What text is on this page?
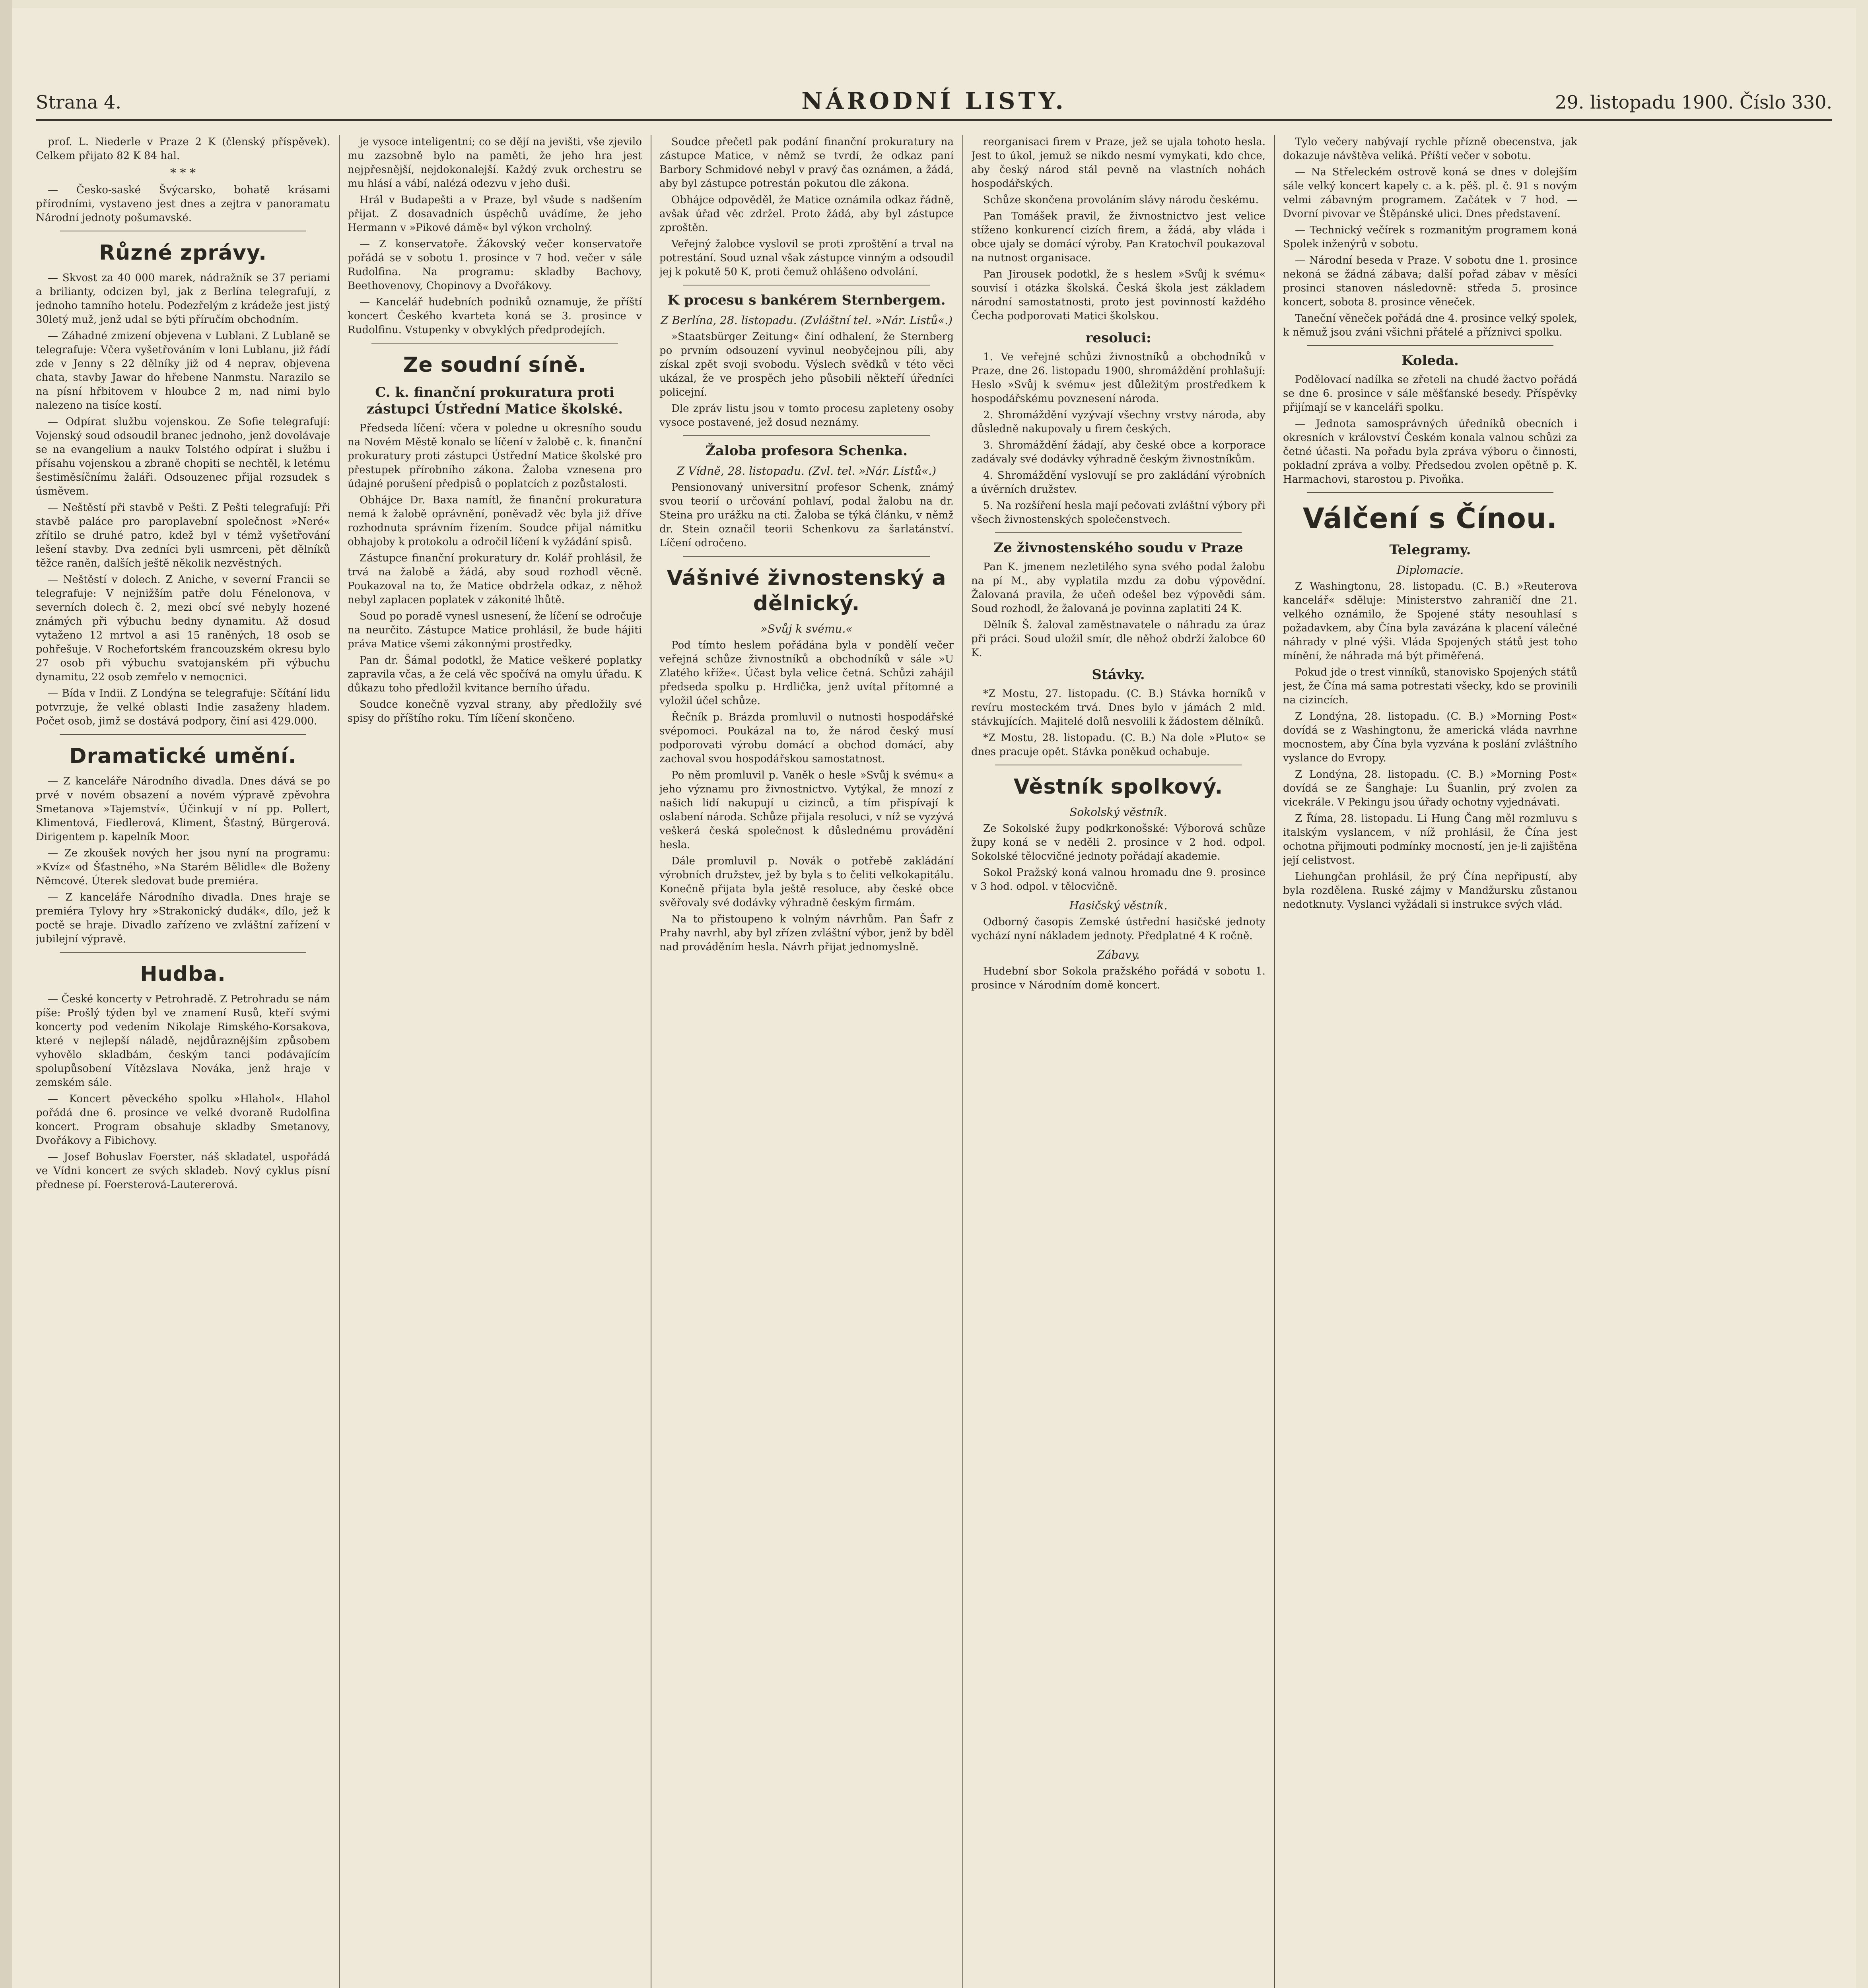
Strana 4.	NÁRODNÍ LISTY.	29. listopadu 1900. Číslo 330.

prof. L. Niederle v Praze 2 K (členský příspěvek). Celkem přijato 82 K 84 hal.

* * *

— Česko-saské Švýcarsko, bohatě krásami přírodními, vystaveno jest dnes a zejtra v panoramatu Národní jednoty pošumavské.

Různé zprávy.

— Skvost za 40 000 marek, nádražník se 37 periami a brilianty, odcizen byl, jak z Berlína telegrafují, z jednoho tamního hotelu. Podezřelým z krádeže jest jistý 30letý muž, jenž udal se býti příručím obchodním.

— Záhadné zmizení objevena v Lublani. Z Lublaně se telegrafuje: Včera vyšetřováním v loni Lublanu, již řádí zde v Jenny s 22 dělníky již od 4 neprav, objevena chata, stavby Jawar do hřebene Nanmstu. Narazilo se na písní hřbitovem v hloubce 2 m, nad nimi bylo nalezeno na tisíce kostí.

— Odpírat službu vojenskou. Ze Sofie telegrafují: Vojenský soud odsoudil branec jednoho, jenž dovolávaje se na evangelium a naukv Tolstého odpírat i službu i přísahu vojenskou a zbraně chopiti se nechtěl, k letému šestiměsíčnímu žaláři. Odsouzenec přijal rozsudek s úsměvem.

— Neštěstí při stavbě v Pešti. Z Pešti telegrafují: Při stavbě paláce pro paroplavební společnost »Neré« zřítilo se druhé patro, kdež byl v témž vyšetřování lešení stavby. Dva zedníci byli usmrceni, pět dělníků těžce raněn, dalších ještě několik nezvěstných.

— Neštěstí v dolech. Z Aniche, v severní Francii se telegrafuje: V nejnižším patře dolu Fénelonova, v severních dolech č. 2, mezi obcí své nebyly hozené známých při výbuchu bedny dynamitu. Až dosud vytaženo 12 mrtvol a asi 15 raněných, 18 osob se pohřešuje. V Rochefortském francouzském okresu bylo 27 osob při výbuchu svatojanském při výbuchu dynamitu, 22 osob zemřelo v nemocnici.

— Bída v Indii. Z Londýna se telegrafuje: Sčítání lidu potvrzuje, že velké oblasti Indie zasaženy hladem. Počet osob, jimž se dostává podpory, činí asi 429.000.

Dramatické umění.

— Z kanceláře Národního divadla. Dnes dává se po prvé v novém obsazení a novém výpravě zpěvohra Smetanova »Tajemství«. Účinkují v ní pp. Pollert, Klimentová, Fiedlerová, Kliment, Šťastný, Bürgerová. Dirigentem p. kapelník Moor.

— Ze zkoušek nových her jsou nyní na programu: »Kvíz« od Šťastného, »Na Starém Bělidle« dle Boženy Němcové. Úterek sledovat bude premiéra.

— Z kanceláře Národního divadla. Dnes hraje se premiéra Tylovy hry »Strakonický dudák«, dílo, jež k poctě se hraje. Divadlo zařízeno ve zvláštní zařízení v jubilejní výpravě.

Hudba.

— České koncerty v Petrohradě. Z Petrohradu se nám píše: Prošlý týden byl ve znamení Rusů, kteří svými koncerty pod vedením Nikolaje Rimského-Korsakova, které v nejlepší náladě, nejdůraznějším způsobem vyhovělo skladbám, českým tanci podávajícím spolupůsobení Vítězslava Nováka, jenž hraje v zemském sále.

— Koncert pěveckého spolku »Hlahol«. Hlahol pořádá dne 6. prosince ve velké dvoraně Rudolfina koncert. Program obsahuje skladby Smetanovy, Dvořákovy a Fibichovy.

— Josef Bohuslav Foerster, náš skladatel, uspořádá ve Vídni koncert ze svých skladeb. Nový cyklus písní přednese pí. Foersterová-Lautererová.

je vysoce inteligentní; co se dějí na jevišti, vše zjevilo mu zazsobně bylo na paměti, že jeho hra jest nejpřesnější, nejdokonalejší. Každý zvuk orchestru se mu hlásí a vábí, nalézá odezvu v jeho duši.

Hrál v Budapešti a v Praze, byl všude s nadšením přijat. Z dosavadních úspěchů uvádíme, že jeho Hermann v »Pikové dámě« byl výkon vrcholný.

— Z konservatoře. Žákovský večer konservatoře pořádá se v sobotu 1. prosince v 7 hod. večer v sále Rudolfina. Na programu: skladby Bachovy, Beethovenovy, Chopinovy a Dvořákovy.

— Kancelář hudebních podniků oznamuje, že příští koncert Českého kvarteta koná se 3. prosince v Rudolfinu. Vstupenky v obvyklých předprodejích.

Ze soudní síně.
C. k. finanční prokuratura proti zástupci Ústřední Matice školské.

Předseda líčení: včera v poledne u okresního soudu na Novém Městě konalo se líčení v žalobě c. k. finanční prokuratury proti zástupci Ústřední Matice školské pro přestupek přírobního zákona. Žaloba vznesena pro údajné porušení předpisů o poplatcích z pozůstalosti.

Obhájce Dr. Baxa namítl, že finanční prokuratura nemá k žalobě oprávnění, poněvadž věc byla již dříve rozhodnuta správním řízením. Soudce přijal námitku obhajoby k protokolu a odročil líčení k vyžádání spisů.

Zástupce finanční prokuratury dr. Kolář prohlásil, že trvá na žalobě a žádá, aby soud rozhodl věcně. Poukazoval na to, že Matice obdržela odkaz, z něhož nebyl zaplacen poplatek v zákonité lhůtě.

Soud po poradě vynesl usnesení, že líčení se odročuje na neurčito. Zástupce Matice prohlásil, že bude hájiti práva Matice všemi zákonnými prostředky.

Pan dr. Šámal podotkl, že Matice veškeré poplatky zapravila včas, a že celá věc spočívá na omylu úřadu. K důkazu toho předložil kvitance berního úřadu.

Soudce konečně vyzval strany, aby předložily své spisy do příštího roku. Tím líčení skončeno.

Soudce přečetl pak podání finanční prokuratury na zástupce Matice, v němž se tvrdí, že odkaz paní Barbory Schmidové nebyl v pravý čas oznámen, a žádá, aby byl zástupce potrestán pokutou dle zákona.

Obhájce odpověděl, že Matice oznámila odkaz řádně, avšak úřad věc zdržel. Proto žádá, aby byl zástupce zproštěn.

Veřejný žalobce vyslovil se proti zproštění a trval na potrestání. Soud uznal však zástupce vinným a odsoudil jej k pokutě 50 K, proti čemuž ohlášeno odvolání.

K procesu s bankérem Sternbergem.
Z Berlína, 28. listopadu. (Zvláštní tel. »Nár. Listů«.)

»Staatsbürger Zeitung« činí odhalení, že Sternberg po prvním odsouzení vyvinul neobyčejnou píli, aby získal zpět svoji svobodu. Výslech svědků v této věci ukázal, že ve prospěch jeho působili někteří úředníci policejní.

Dle zpráv listu jsou v tomto procesu zapleteny osoby vysoce postavené, jež dosud neznámy.

Žaloba profesora Schenka.
Z Vídně, 28. listopadu. (Zvl. tel. »Nár. Listů«.)

Pensionovaný universitní profesor Schenk, známý svou teorií o určování pohlaví, podal žalobu na dr. Steina pro urážku na cti. Žaloba se týká článku, v němž dr. Stein označil teorii Schenkovu za šarlatánství. Líčení odročeno.

Vášnivé živnostenský a dělnický.
»Svůj k svému.«

Pod tímto heslem pořádána byla v pondělí večer veřejná schůze živnostníků a obchodníků v sále »U Zlatého kříže«. Účast byla velice četná. Schůzi zahájil předseda spolku p. Hrdlička, jenž uvítal přítomné a vyložil účel schůze.

Řečník p. Brázda promluvil o nutnosti hospodářské svépomoci. Poukázal na to, že národ český musí podporovati výrobu domácí a obchod domácí, aby zachoval svou hospodářskou samostatnost.

Po něm promluvil p. Vaněk o hesle »Svůj k svému« a jeho významu pro živnostnictvo. Vytýkal, že mnozí z našich lidí nakupují u cizinců, a tím přispívají k oslabení národa. Schůze přijala resoluci, v níž se vyzývá veškerá česká společnost k důslednému provádění hesla.

Dále promluvil p. Novák o potřebě zakládání výrobních družstev, jež by byla s to čeliti velkokapitálu. Konečně přijata byla ještě resoluce, aby české obce svěřovaly své dodávky výhradně českým firmám.

Na to přistoupeno k volným návrhům. Pan Šafr z Prahy navrhl, aby byl zřízen zvláštní výbor, jenž by bděl nad prováděním hesla. Návrh přijat jednomyslně.

reorganisaci firem v Praze, jež se ujala tohoto hesla. Jest to úkol, jemuž se nikdo nesmí vymykati, kdo chce, aby český národ stál pevně na vlastních nohách hospodářských.

Schůze skončena provoláním slávy národu českému.

Pan Tomášek pravil, že živnostnictvo jest velice stíženo konkurencí cizích firem, a žádá, aby vláda i obce ujaly se domácí výroby. Pan Kratochvíl poukazoval na nutnost organisace.

Pan Jirousek podotkl, že s heslem »Svůj k svému« souvisí i otázka školská. Česká škola jest základem národní samostatnosti, proto jest povinností každého Čecha podporovati Matici školskou.

resoluci:

1. Ve veřejné schůzi živnostníků a obchodníků v Praze, dne 26. listopadu 1900, shromáždění prohlašují: Heslo »Svůj k svému« jest důležitým prostředkem k hospodářskému povznesení národa.

2. Shromáždění vyzývají všechny vrstvy národa, aby důsledně nakupovaly u firem českých.

3. Shromáždění žádají, aby české obce a korporace zadávaly své dodávky výhradně českým živnostníkům.

4. Shromáždění vyslovují se pro zakládání výrobních a úvěrních družstev.

5. Na rozšíření hesla mají pečovati zvláštní výbory při všech živnostenských společenstvech.

Ze živnostenského soudu v Praze

Pan K. jmenem nezletilého syna svého podal žalobu na pí M., aby vyplatila mzdu za dobu výpovědní. Žalovaná pravila, že učeň odešel bez výpovědi sám. Soud rozhodl, že žalovaná je povinna zaplatiti 24 K.

Dělník Š. žaloval zaměstnavatele o náhradu za úraz při práci. Soud uložil smír, dle něhož obdrží žalobce 60 K.

Stávky.

*Z Mostu, 27. listopadu. (C. B.) Stávka horníků v revíru mosteckém trvá. Dnes bylo v jámách 2 mld. stávkujících. Majitelé dolů nesvolili k žádostem dělníků.

*Z Mostu, 28. listopadu. (C. B.) Na dole »Pluto« se dnes pracuje opět. Stávka poněkud ochabuje.

Věstník spolkový.
Sokolský věstník.

Ze Sokolské župy podkrkonošské: Výborová schůze župy koná se v neděli 2. prosince v 2 hod. odpol. Sokolské tělocvičné jednoty pořádají akademie.

Sokol Pražský koná valnou hromadu dne 9. prosince v 3 hod. odpol. v tělocvičně.

Hasičský věstník.

Odborný časopis Zemské ústřední hasičské jednoty vychází nyní nákladem jednoty. Předplatné 4 K ročně.

Zábavy.

Hudební sbor Sokola pražského pořádá v sobotu 1. prosince v Národním domě koncert.

Tylo večery nabývají rychle přízně obecenstva, jak dokazuje návštěva veliká. Příští večer v sobotu.

— Na Střeleckém ostrově koná se dnes v dolejším sále velký koncert kapely c. a k. pěš. pl. č. 91 s novým velmi zábavným programem. Začátek v 7 hod. — Dvorní pivovar ve Štěpánské ulici. Dnes představení.

— Technický večírek s rozmanitým programem koná Spolek inženýrů v sobotu.

— Národní beseda v Praze. V sobotu dne 1. prosince nekoná se žádná zábava; další pořad zábav v měsíci prosinci stanoven následovně: středa 5. prosince koncert, sobota 8. prosince věneček.

Taneční věneček pořádá dne 4. prosince velký spolek, k němuž jsou zváni všichni přátelé a příznivci spolku.

Koleda.

Podělovací nadílka se zřeteli na chudé žactvo pořádá se dne 6. prosince v sále měšťanské besedy. Příspěvky přijímají se v kanceláři spolku.

— Jednota samosprávných úředníků obecních i okresních v království Českém konala valnou schůzi za četné účasti. Na pořadu byla zpráva výboru o činnosti, pokladní zpráva a volby. Předsedou zvolen opětně p. K. Harmachovi, starostou p. Pivoňka.

Válčení s Čínou.
Telegramy.
Diplomacie.

Z Washingtonu, 28. listopadu. (C. B.) »Reuterova kancelář« sděluje: Ministerstvo zahraničí dne 21. velkého oznámilo, že Spojené státy nesouhlasí s požadavkem, aby Čína byla zavázána k placení válečné náhrady v plné výši. Vláda Spojených států jest toho mínění, že náhrada má být přiměřená.

Pokud jde o trest vinníků, stanovisko Spojených států jest, že Čína má sama potrestati všecky, kdo se provinili na cizincích.

Z Londýna, 28. listopadu. (C. B.) »Morning Post« dovídá se z Washingtonu, že americká vláda navrhne mocnostem, aby Čína byla vyzvána k poslání zvláštního vyslance do Evropy.

Z Londýna, 28. listopadu. (C. B.) »Morning Post« dovídá se ze Šanghaje: Lu Šuanlin, prý zvolen za vicekrále. V Pekingu jsou úřady ochotny vyjednávati.

Z Říma, 28. listopadu. Li Hung Čang měl rozmluvu s italským vyslancem, v níž prohlásil, že Čína jest ochotna přijmouti podmínky mocností, jen je-li zajištěna její celistvost.

Liehungčan prohlásil, že prý Čína nepřipustí, aby byla rozdělena. Ruské zájmy v Mandžursku zůstanou nedotknuty. Vyslanci vyžádali si instrukce svých vlád.
